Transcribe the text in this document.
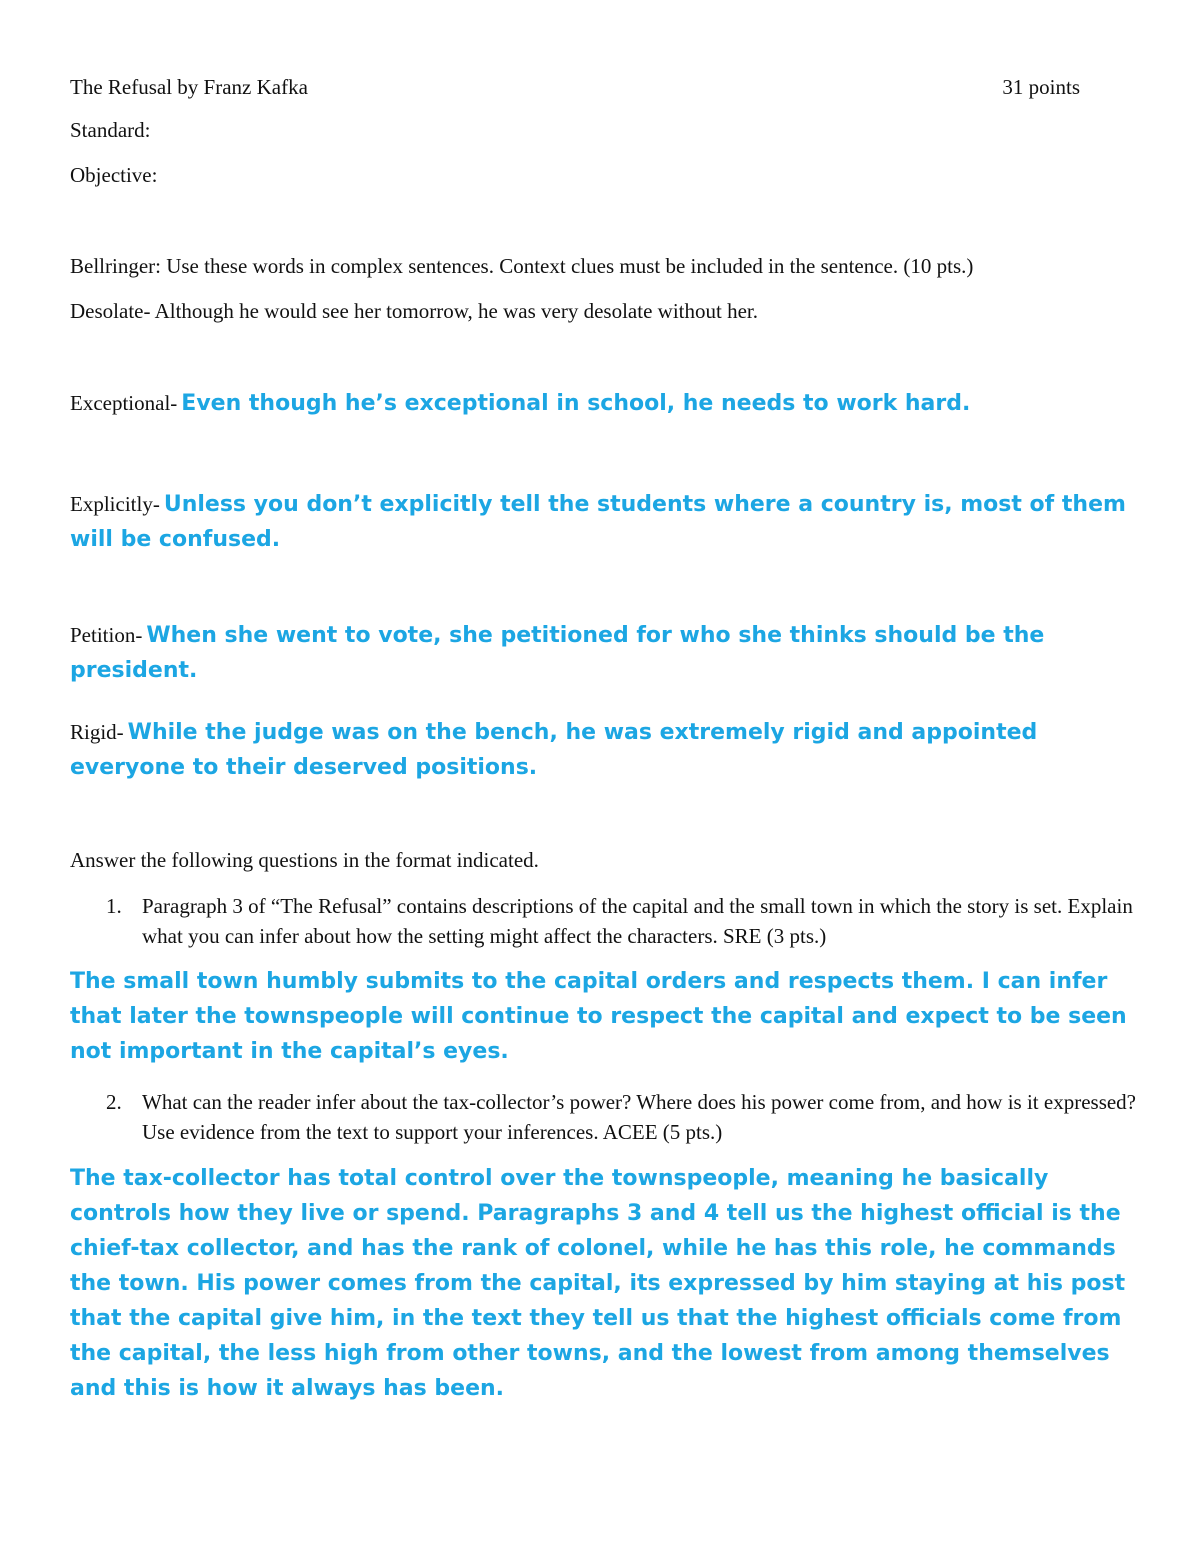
The Refusal by Franz Kafka	31 points
Standard:
Objective:
Bellringer: Use these words in complex sentences. Context clues must be included in the sentence. (10 pts.)
Desolate- Although he would see her tomorrow, he was very desolate without her.
Exceptional- Even though he’s exceptional in school, he needs to work hard.
Explicitly- Unless you don’t explicitly tell the students where a country is, most of them will be confused.
Petition- When she went to vote, she petitioned for who she thinks should be the president.
Rigid- While the judge was on the bench, he was extremely rigid and appointed everyone to their deserved positions.
Answer the following questions in the format indicated.
1. Paragraph 3 of “The Refusal” contains descriptions of the capital and the small town in which the story is set. Explain what you can infer about how the setting might affect the characters. SRE (3 pts.)
The small town humbly submits to the capital orders and respects them. I can infer that later the townspeople will continue to respect the capital and expect to be seen not important in the capital’s eyes.
2. What can the reader infer about the tax-collector’s power? Where does his power come from, and how is it expressed? Use evidence from the text to support your inferences. ACEE (5 pts.)
The tax-collector has total control over the townspeople, meaning he basically controls how they live or spend. Paragraphs 3 and 4 tell us the highest official is the chief-tax collector, and has the rank of colonel, while he has this role, he commands the town. His power comes from the capital, its expressed by him staying at his post that the capital give him, in the text they tell us that the highest officials come from the capital, the less high from other towns, and the lowest from among themselves and this is how it always has been.
